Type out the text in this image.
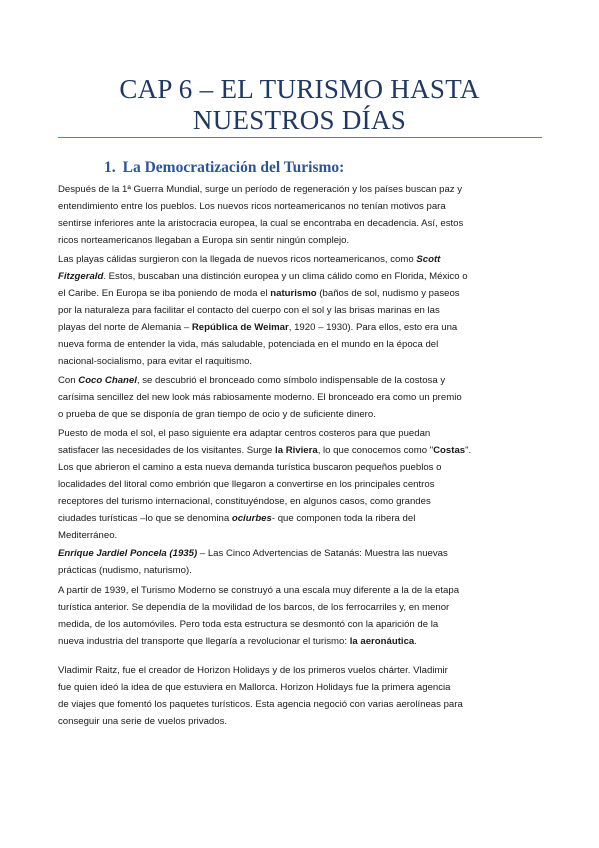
CAP 6 – EL TURISMO HASTA
NUESTROS DÍAS
1. La Democratización del Turismo:

Después de la 1ª Guerra Mundial, surge un período de regeneración y los países buscan paz y
entendimiento entre los pueblos. Los nuevos ricos norteamericanos no tenían motivos para
sentirse inferiores ante la aristocracia europea, la cual se encontraba en decadencia. Así, estos
ricos norteamericanos llegaban a Europa sin sentir ningún complejo.

Las playas cálidas surgieron con la llegada de nuevos ricos norteamericanos, como Scott
Fitzgerald. Estos, buscaban una distinción europea y un clima cálido como en Florida, México o
el Caribe. En Europa se iba poniendo de moda el naturismo (baños de sol, nudismo y paseos
por la naturaleza para facilitar el contacto del cuerpo con el sol y las brisas marinas en las
playas del norte de Alemania – República de Weimar, 1920 – 1930). Para ellos, esto era una
nueva forma de entender la vida, más saludable, potenciada en el mundo en la época del
nacional-socialismo, para evitar el raquitismo.

Con Coco Chanel, se descubrió el bronceado como símbolo indispensable de la costosa y
carísima sencillez del new look más rabiosamente moderno. El bronceado era como un premio
o prueba de que se disponía de gran tiempo de ocio y de suficiente dinero.

Puesto de moda el sol, el paso siguiente era adaptar centros costeros para que puedan
satisfacer las necesidades de los visitantes. Surge la Riviera, lo que conocemos como "Costas".
Los que abrieron el camino a esta nueva demanda turística buscaron pequeños pueblos o
localidades del litoral como embrión que llegaron a convertirse en los principales centros
receptores del turismo internacional, constituyéndose, en algunos casos, como grandes
ciudades turísticas –lo que se denomina ociurbes- que componen toda la ribera del
Mediterráneo.

Enrique Jardiel Poncela (1935) – Las Cinco Advertencias de Satanás: Muestra las nuevas
prácticas (nudismo, naturismo).

A partir de 1939, el Turismo Moderno se construyó a una escala muy diferente a la de la etapa
turística anterior. Se dependía de la movilidad de los barcos, de los ferrocarriles y, en menor
medida, de los automóviles. Pero toda esta estructura se desmontó con la aparición de la
nueva industria del transporte que llegaría a revolucionar el turismo: la aeronáutica.

Vladimir Raitz, fue el creador de Horizon Holidays y de los primeros vuelos chárter. Vladimir
fue quien ideó la idea de que estuviera en Mallorca. Horizon Holidays fue la primera agencia
de viajes que fomentó los paquetes turísticos. Esta agencia negoció con varias aerolíneas para
conseguir una serie de vuelos privados.
